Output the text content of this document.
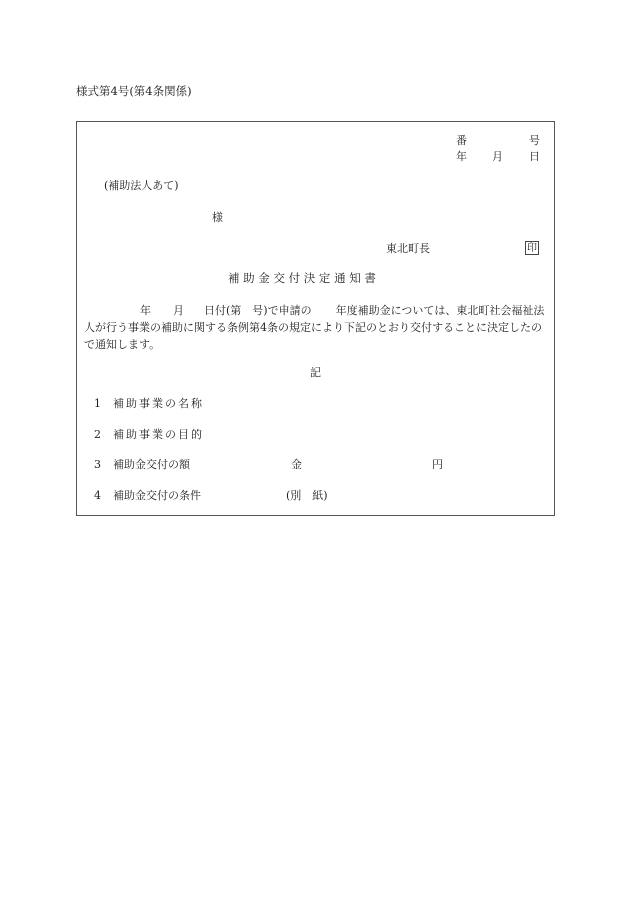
様式第4号(第4条関係)
番	号
年 月 日
(補助法人あて)
様
東北町長	印
補 助 金 交 付 決 定 通 知 書
年 月 日付(第　号)で申請の 年度補助金については、東北町社会福祉法人が行う事業の補助に関する条例第4条の規定により下記のとおり交付することに決定したので通知します。
記
1 補助事業の名称
2 補助事業の目的
3 補助金交付の額	金	円
4 補助金交付の条件	(別　紙)
